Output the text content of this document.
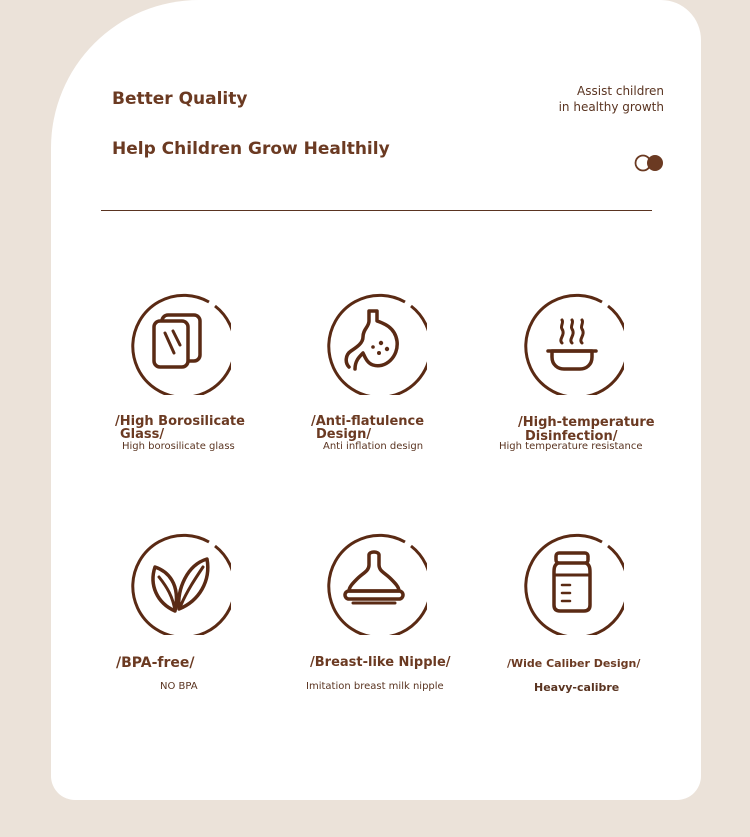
Better Quality
Help Children Grow Healthily
Assist children
in healthy growth
/High Borosilicate
Glass/
High borosilicate glass
/Anti-flatulence
Design/
Anti inflation design
/High-temperature
Disinfection/
High temperature resistance
/BPA-free/
NO BPA
/Breast-like Nipple/
Imitation breast milk nipple
/Wide Caliber Design/
Heavy-calibre
